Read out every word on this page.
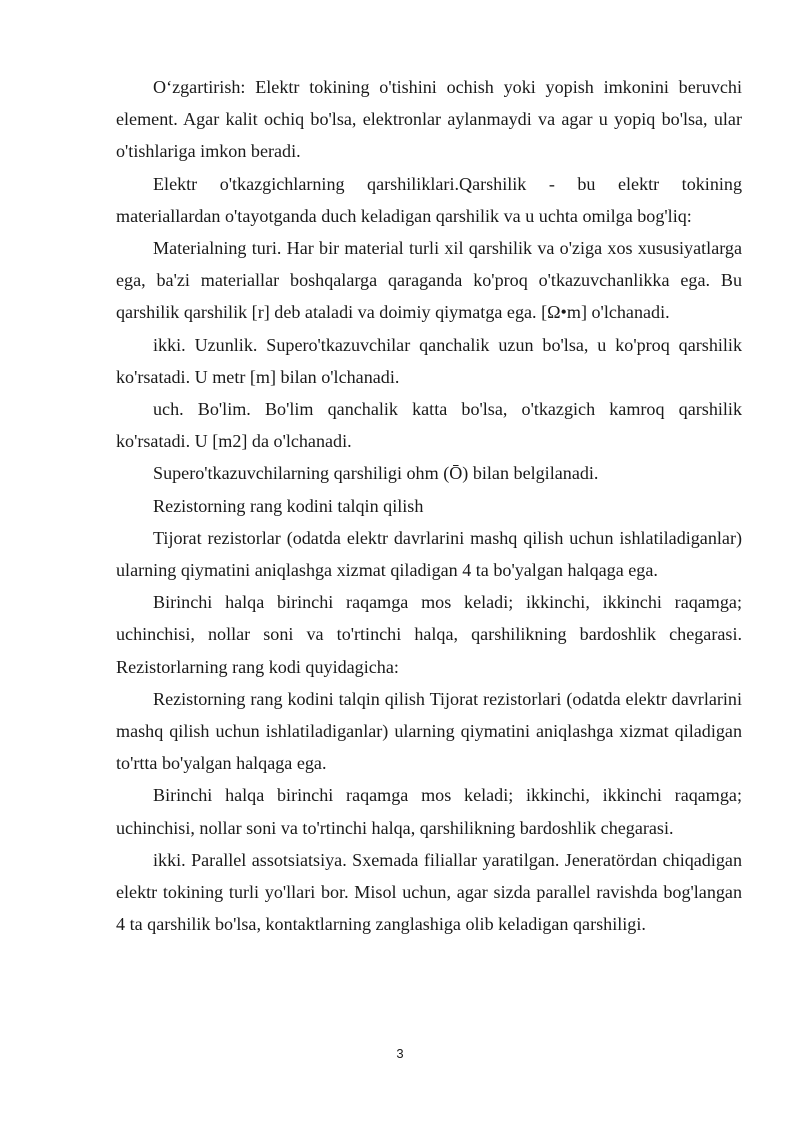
O‘zgartirish: Elektr tokining o'tishini ochish yoki yopish imkonini beruvchi element. Agar kalit ochiq bo'lsa, elektronlar aylanmaydi va agar u yopiq bo'lsa, ular o'tishlariga imkon beradi.

Elektr o'tkazgichlarning qarshiliklari.Qarshilik - bu elektr tokining materiallardan o'tayotganda duch keladigan qarshilik va u uchta omilga bog'liq:

Materialning turi. Har bir material turli xil qarshilik va o'ziga xos xususiyatlarga ega, ba'zi materiallar boshqalarga qaraganda ko'proq o'tkazuvchanlikka ega. Bu qarshilik qarshilik [r] deb ataladi va doimiy qiymatga ega. [Ω•m] o'lchanadi.

ikki. Uzunlik. Supero'tkazuvchilar qanchalik uzun bo'lsa, u ko'proq qarshilik ko'rsatadi. U metr [m] bilan o'lchanadi.

uch. Bo'lim. Bo'lim qanchalik katta bo'lsa, o'tkazgich kamroq qarshilik ko'rsatadi. U [m2] da o'lchanadi.

Supero'tkazuvchilarning qarshiligi ohm (Ō) bilan belgilanadi.

Rezistorning rang kodini talqin qilish

Tijorat rezistorlar (odatda elektr davrlarini mashq qilish uchun ishlatiladiganlar) ularning qiymatini aniqlashga xizmat qiladigan 4 ta bo'yalgan halqaga ega.

Birinchi halqa birinchi raqamga mos keladi; ikkinchi, ikkinchi raqamga; uchinchisi, nollar soni va to'rtinchi halqa, qarshilikning bardoshlik chegarasi. Rezistorlarning rang kodi quyidagicha:

Rezistorning rang kodini talqin qilish Tijorat rezistorlari (odatda elektr davrlarini mashq qilish uchun ishlatiladiganlar) ularning qiymatini aniqlashga xizmat qiladigan to'rtta bo'yalgan halqaga ega.

Birinchi halqa birinchi raqamga mos keladi; ikkinchi, ikkinchi raqamga; uchinchisi, nollar soni va to'rtinchi halqa, qarshilikning bardoshlik chegarasi.

ikki. Parallel assotsiatsiya. Sxemada filiallar yaratilgan. Jeneratördan chiqadigan elektr tokining turli yo'llari bor. Misol uchun, agar sizda parallel ravishda bog'langan 4 ta qarshilik bo'lsa, kontaktlarning zanglashiga olib keladigan qarshiligi.

3
